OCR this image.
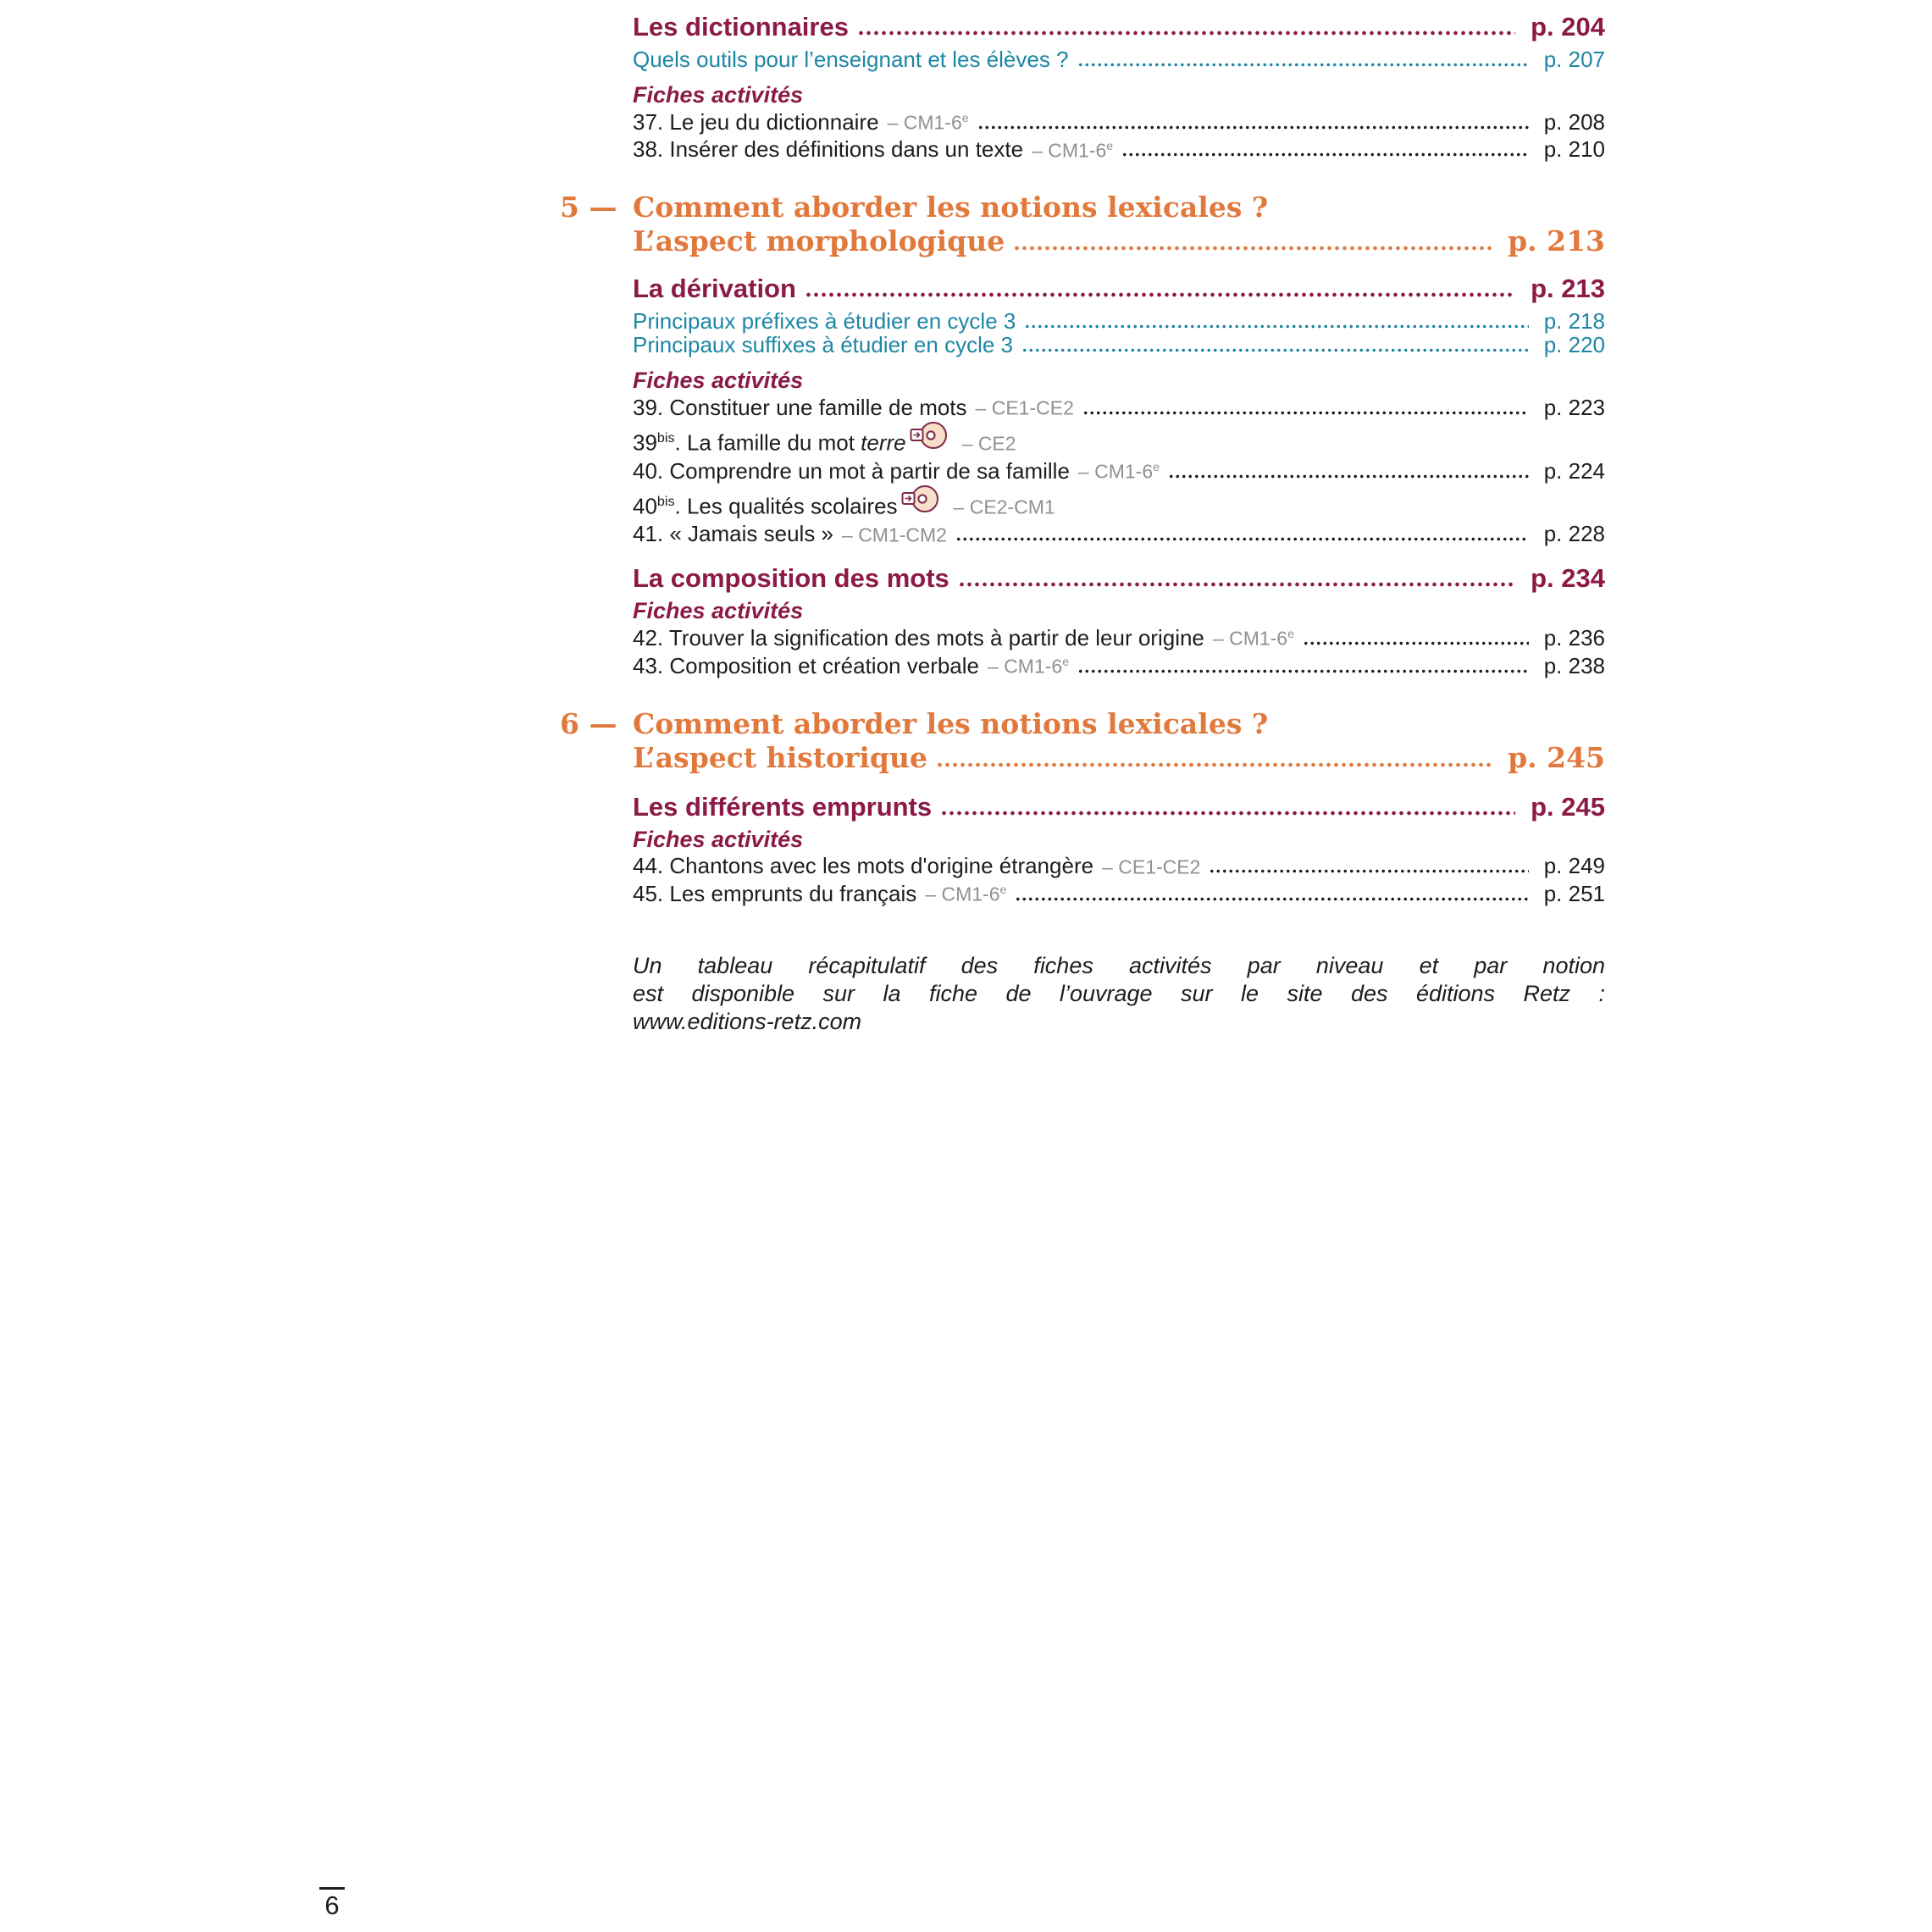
Les dictionnaires	p. 204
Quels outils pour l’enseignant et les élèves ?	p. 207
Fiches activités
37. Le jeu du dictionnaire – CM1-6e	p. 208
38. Insérer des définitions dans un texte – CM1-6e	p. 210
5 — Comment aborder les notions lexicales ?
L’aspect morphologique	p. 213
La dérivation	p. 213
Principaux préfixes à étudier en cycle 3	p. 218
Principaux suffixes à étudier en cycle 3	p. 220
Fiches activités
39. Constituer une famille de mots – CE1-CE2	p. 223
$39^{bis}$. La famille du mot terre	– CE2
40. Comprendre un mot à partir de sa famille – CM1-6e	p. 224
$40^{bis}$. Les qualités scolaires	– CE2-CM1
41. « Jamais seuls » – CM1-CM2	p. 228
La composition des mots	p. 234
Fiches activités
42. Trouver la signification des mots à partir de leur origine – CM1-6e	p. 236
43. Composition et création verbale – CM1-6e	p. 238
6 — Comment aborder les notions lexicales ?
L’aspect historique	p. 245
Les différents emprunts	p. 245
Fiches activités
44. Chantons avec les mots d'origine étrangère – CE1-CE2	p. 249
45. Les emprunts du français – CM1-6e	p. 251
Un tableau récapitulatif des fiches activités par niveau et par notion
est disponible sur la fiche de l’ouvrage sur le site des éditions Retz :
www.editions-retz.com
6
